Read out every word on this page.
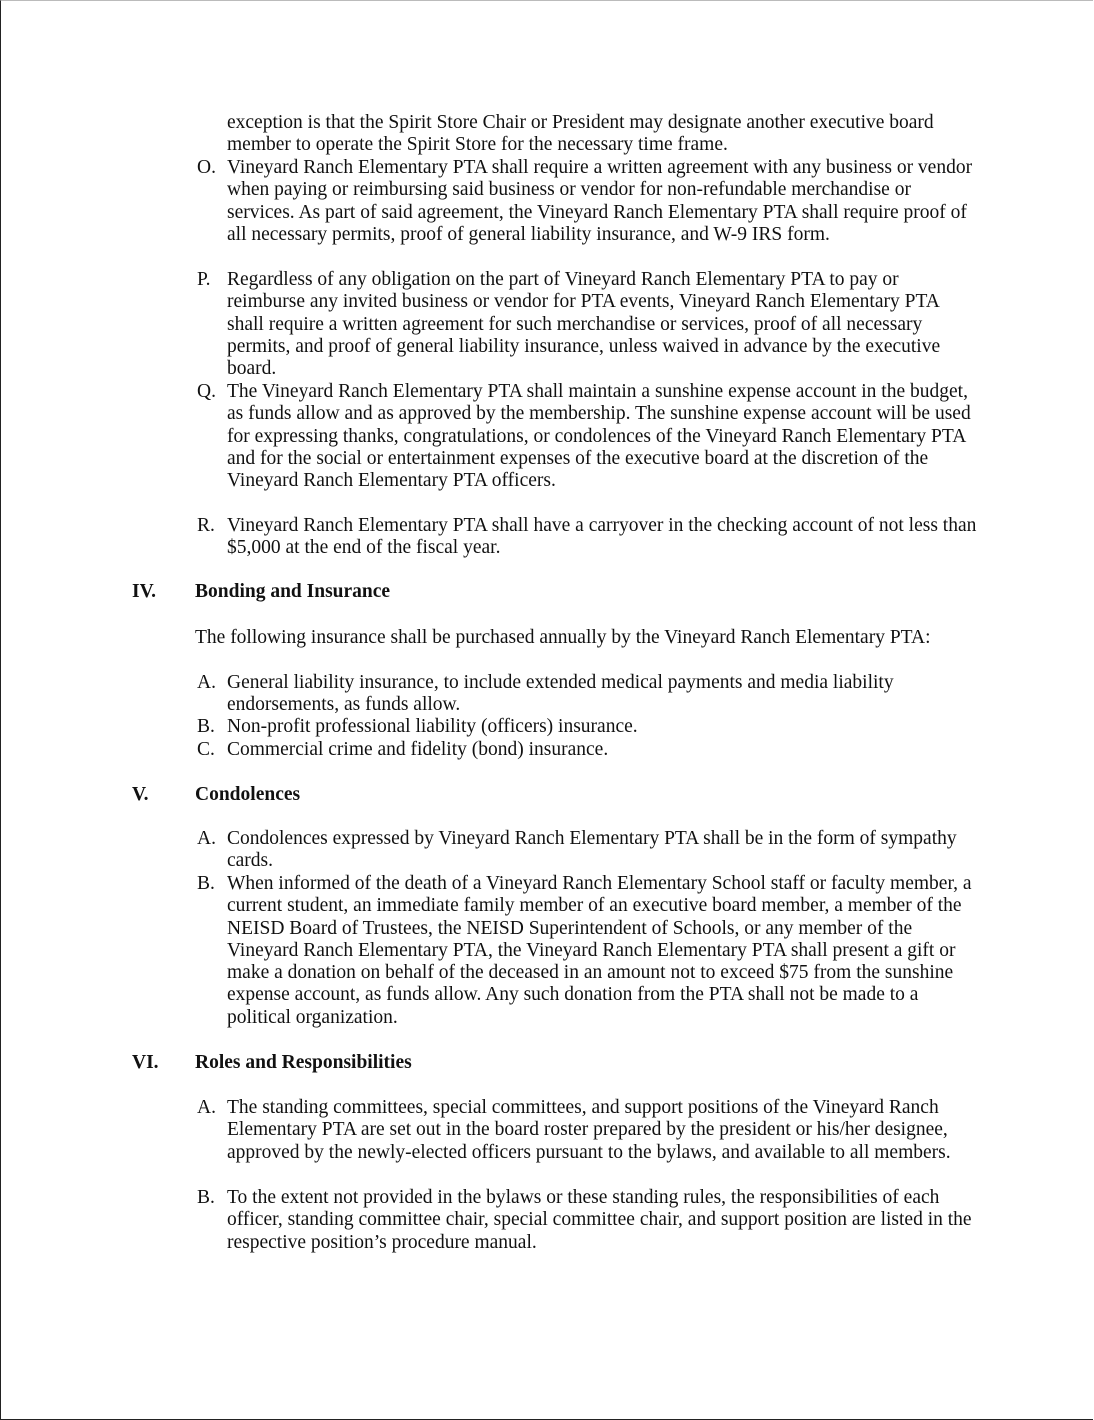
exception is that the Spirit Store Chair or President may designate another executive board member to operate the Spirit Store for the necessary time frame.
O. Vineyard Ranch Elementary PTA shall require a written agreement with any business or vendor when paying or reimbursing said business or vendor for non-refundable merchandise or services. As part of said agreement, the Vineyard Ranch Elementary PTA shall require proof of all necessary permits, proof of general liability insurance, and W-9 IRS form.
P. Regardless of any obligation on the part of Vineyard Ranch Elementary PTA to pay or reimburse any invited business or vendor for PTA events, Vineyard Ranch Elementary PTA shall require a written agreement for such merchandise or services, proof of all necessary permits, and proof of general liability insurance, unless waived in advance by the executive board.
Q. The Vineyard Ranch Elementary PTA shall maintain a sunshine expense account in the budget, as funds allow and as approved by the membership. The sunshine expense account will be used for expressing thanks, congratulations, or condolences of the Vineyard Ranch Elementary PTA and for the social or entertainment expenses of the executive board at the discretion of the Vineyard Ranch Elementary PTA officers.
R. Vineyard Ranch Elementary PTA shall have a carryover in the checking account of not less than $5,000 at the end of the fiscal year.
IV. Bonding and Insurance
The following insurance shall be purchased annually by the Vineyard Ranch Elementary PTA:
A. General liability insurance, to include extended medical payments and media liability endorsements, as funds allow.
B. Non-profit professional liability (officers) insurance.
C. Commercial crime and fidelity (bond) insurance.
V. Condolences
A. Condolences expressed by Vineyard Ranch Elementary PTA shall be in the form of sympathy cards.
B. When informed of the death of a Vineyard Ranch Elementary School staff or faculty member, a current student, an immediate family member of an executive board member, a member of the NEISD Board of Trustees, the NEISD Superintendent of Schools, or any member of the Vineyard Ranch Elementary PTA, the Vineyard Ranch Elementary PTA shall present a gift or make a donation on behalf of the deceased in an amount not to exceed $75 from the sunshine expense account, as funds allow. Any such donation from the PTA shall not be made to a political organization.
VI. Roles and Responsibilities
A. The standing committees, special committees, and support positions of the Vineyard Ranch Elementary PTA are set out in the board roster prepared by the president or his/her designee, approved by the newly-elected officers pursuant to the bylaws, and available to all members.
B. To the extent not provided in the bylaws or these standing rules, the responsibilities of each officer, standing committee chair, special committee chair, and support position are listed in the respective position’s procedure manual.
